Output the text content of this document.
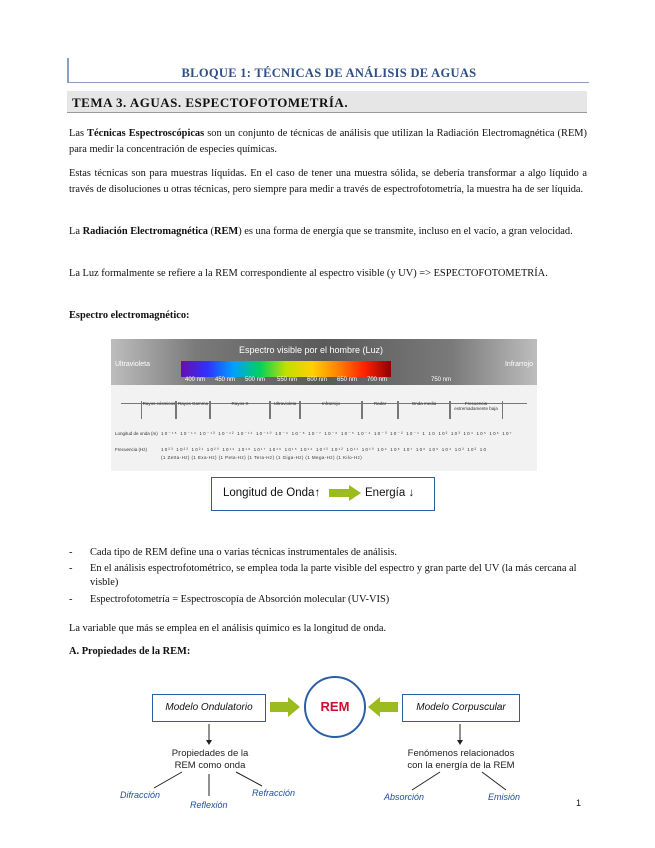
BLOQUE 1: TÉCNICAS DE ANÁLISIS DE AGUAS
TEMA 3. AGUAS. ESPECTOFOTOMETRÍA.
Las Técnicas Espectroscópicas son un conjunto de técnicas de análisis que utilizan la Radiación Electromagnética (REM) para medir la concentración de especies químicas.
Estas técnicas son para muestras líquidas. En el caso de tener una muestra sólida, se debería transformar a algo líquido a través de disoluciones u otras técnicas, pero siempre para medir a través de espectrofotometría, la muestra ha de ser líquida.
La Radiación Electromagnética (REM) es una forma de energía que se transmite, incluso en el vacío, a gran velocidad.
La Luz formalmente se refiere a la REM correspondiente al espectro visible (y UV) => ESPECTOFOTOMETRÍA.
Espectro electromagnético:
Espectro visible por el hombre (Luz)
Ultravioleta	Infrarrojo
400 nm 450 nm 500 nm 550 nm 600 nm 650 nm 700 nm	750 nm
Rayos cósmicos Rayos Gamma	Rayos X	Ultravioleta	Infrarrojo	Radar	Onda media	Frecuencia extremadamente baja
Longitud de onda (m) 10⁻¹⁵ 10⁻¹⁴ 10⁻¹³ 10⁻¹² 10⁻¹¹ 10⁻¹⁰ 10⁻⁹ 10⁻⁸ 10⁻⁷ 10⁻⁶ 10⁻⁵ 10⁻⁴ 10⁻³ 10⁻² 10⁻¹ 1 10 10² 10³ 10⁴ 10⁵ 10⁶ 10⁷
Frecuencia (Hz)	10²³ 10²² 10²¹ 10²⁰ 10¹⁹ 10¹⁸ 10¹⁷ 10¹⁶ 10¹⁵ 10¹⁴ 10¹³ 10¹² 10¹¹ 10¹⁰ 10⁹ 10⁸ 10⁷ 10⁶ 10⁵ 10⁴ 10³ 10² 10
(1 Zetta-Hz) (1 Exa-Hz) (1 Peta-Hz) (1 Tera-Hz) (1 Giga-Hz) (1 Mega-Hz) (1 Kilo-Hz)
Longitud de Onda↑	Energía ↓
- Cada tipo de REM define una o varias técnicas instrumentales de análisis.
- En el análisis espectrofotométrico, se emplea toda la parte visible del espectro y gran parte del UV (la más cercana al visble)
- Espectrofotometría = Espectroscopía de Absorción molecular (UV-VIS)
La variable que más se emplea en el análisis químico es la longitud de onda.
A. Propiedades de la REM:
Modelo Ondulatorio	REM	Modelo Corpuscular
Propiedades de la
REM como onda
Fenómenos relacionados
con la energía de la REM
Difracción
Reflexión
Refracción	Absorción	Emisión
1
